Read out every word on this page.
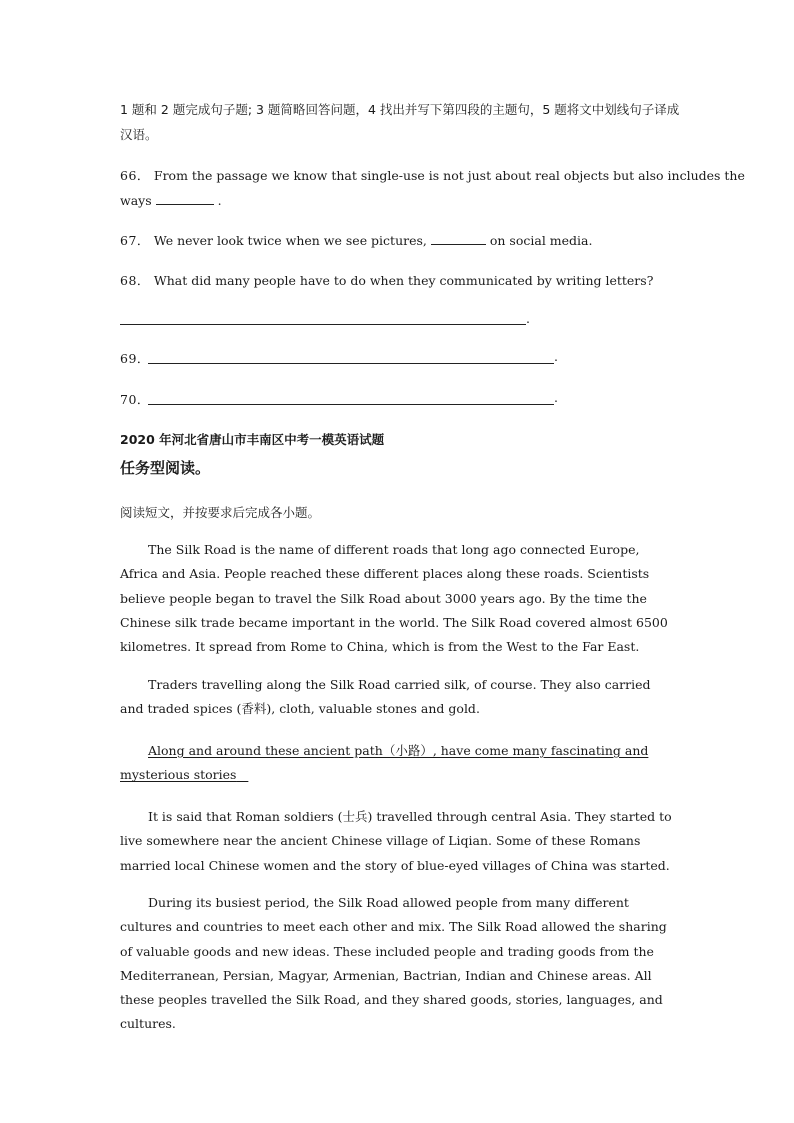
1 题和 2 题完成句子题; 3 题简略回答问题，4 找出并写下第四段的主题句，5 题将文中划线句子译成汉语。
66． From the passage we know that single-use is not just about real objects but also includes the
ways	.
67． We never look twice when we see pictures,	on social media.
68． What did many people have to do when they communicated by writing letters?
.
69．	.
70．	.
2020 年河北省唐山市丰南区中考一模英语试题
任务型阅读。
阅读短文，并按要求后完成各小题。
The Silk Road is the name of different roads that long ago connected Europe, Africa and Asia. People reached these different places along these roads. Scientists believe people began to travel the Silk Road about 3000 years ago. By the time the Chinese silk trade became important in the world. The Silk Road covered almost 6500 kilometres. It spread from Rome to China, which is from the West to the Far East.
Traders travelling along the Silk Road carried silk, of course. They also carried and traded spices (香料), cloth, valuable stones and gold.
Along and around these ancient path（小路）, have come many fascinating and mysterious stories
It is said that Roman soldiers (士兵) travelled through central Asia. They started to live somewhere near the ancient Chinese village of Liqian. Some of these Romans married local Chinese women and the story of blue-eyed villages of China was started.
During its busiest period, the Silk Road allowed people from many different cultures and countries to meet each other and mix. The Silk Road allowed the sharing of valuable goods and new ideas. These included people and trading goods from the Mediterranean, Persian, Magyar, Armenian, Bactrian, Indian and Chinese areas. All these peoples travelled the Silk Road, and they shared goods, stories, languages, and cultures.
